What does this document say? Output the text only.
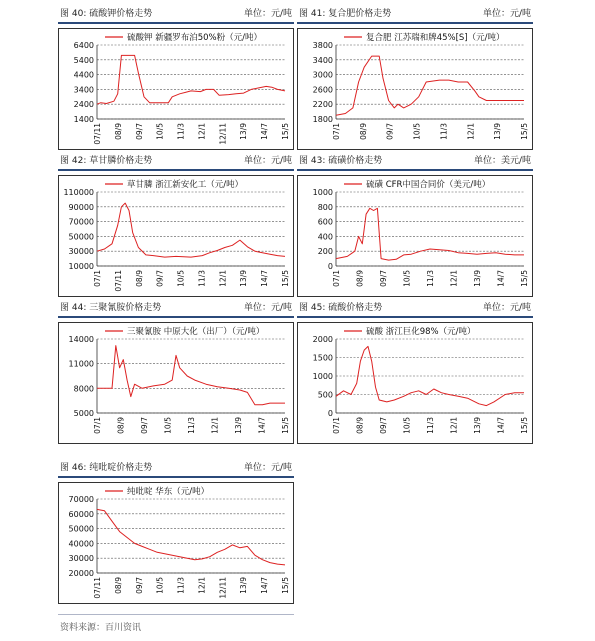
图 40: 硫酸钾价格走势	单位：元/吨
硫酸钾 新疆罗布泊50%粉（元/吨）
1400
2400
3400
4400
5400
6400
07/11 08/9 09/7 10/5 11/3 12/1 12/11 13/9 14/7 15/5
图 41: 复合肥价格走势	单位：元/吨
复合肥 江苏瑞和牌45%[S]（元/吨）
1800
2200
2600
3000
3400
3800
07/1 08/9 09/7 10/5 11/3 12/1 13/9 15/5
图 42: 草甘膦价格走势	单位：元/吨
草甘膦 浙江新安化工（元/吨）
10000
30000
50000
70000
90000
110000
07/1 07/11 08/9 09/7 10/5 11/3 12/1 13/9 14/7 15/5
图 43: 硫磺价格走势	单位：美元/吨
硫磺 CFR中国合同价（美元/吨）
0
200
400
600
800
1000
07/1 08/9 09/7 10/5 11/3 12/1 13/9 14/7 15/5
图 44: 三聚氰胺价格走势	单位：元/吨
三聚氰胺 中原大化（出厂）（元/吨）
5000
8000
11000
14000
07/1 08/9 09/7 10/5 11/3 12/1 13/9 14/7 15/5
图 45: 硫酸价格走势	单位：元/吨
硫酸 浙江巨化98%（元/吨）
0
500
1000
1500
2000
07/1 08/9 09/7 10/5 11/3 12/1 13/9 14/7 15/5
图 46: 纯吡啶价格走势	单位：元/吨
纯吡啶 华东（元/吨）
20000
30000
40000
50000
60000
70000
07/11 08/9 09/7 10/5 11/3 12/1 12/11 13/9 14/7 15/5
资料来源：百川资讯
